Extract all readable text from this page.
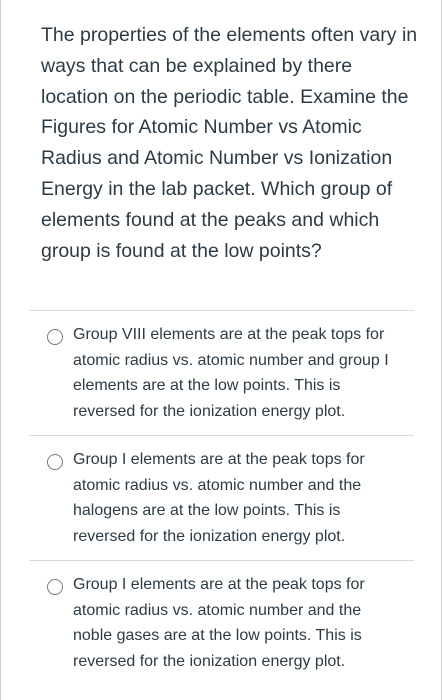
The properties of the elements often vary in ways that can be explained by there location on the periodic table. Examine the Figures for Atomic Number vs Atomic Radius and Atomic Number vs Ionization Energy in the lab packet. Which group of elements found at the peaks and which group is found at the low points?
Group VIII elements are at the peak tops for atomic radius vs. atomic number and group I elements are at the low points. This is reversed for the ionization energy plot.
Group I elements are at the peak tops for atomic radius vs. atomic number and the halogens are at the low points. This is reversed for the ionization energy plot.
Group I elements are at the peak tops for atomic radius vs. atomic number and the noble gases are at the low points. This is reversed for the ionization energy plot.
